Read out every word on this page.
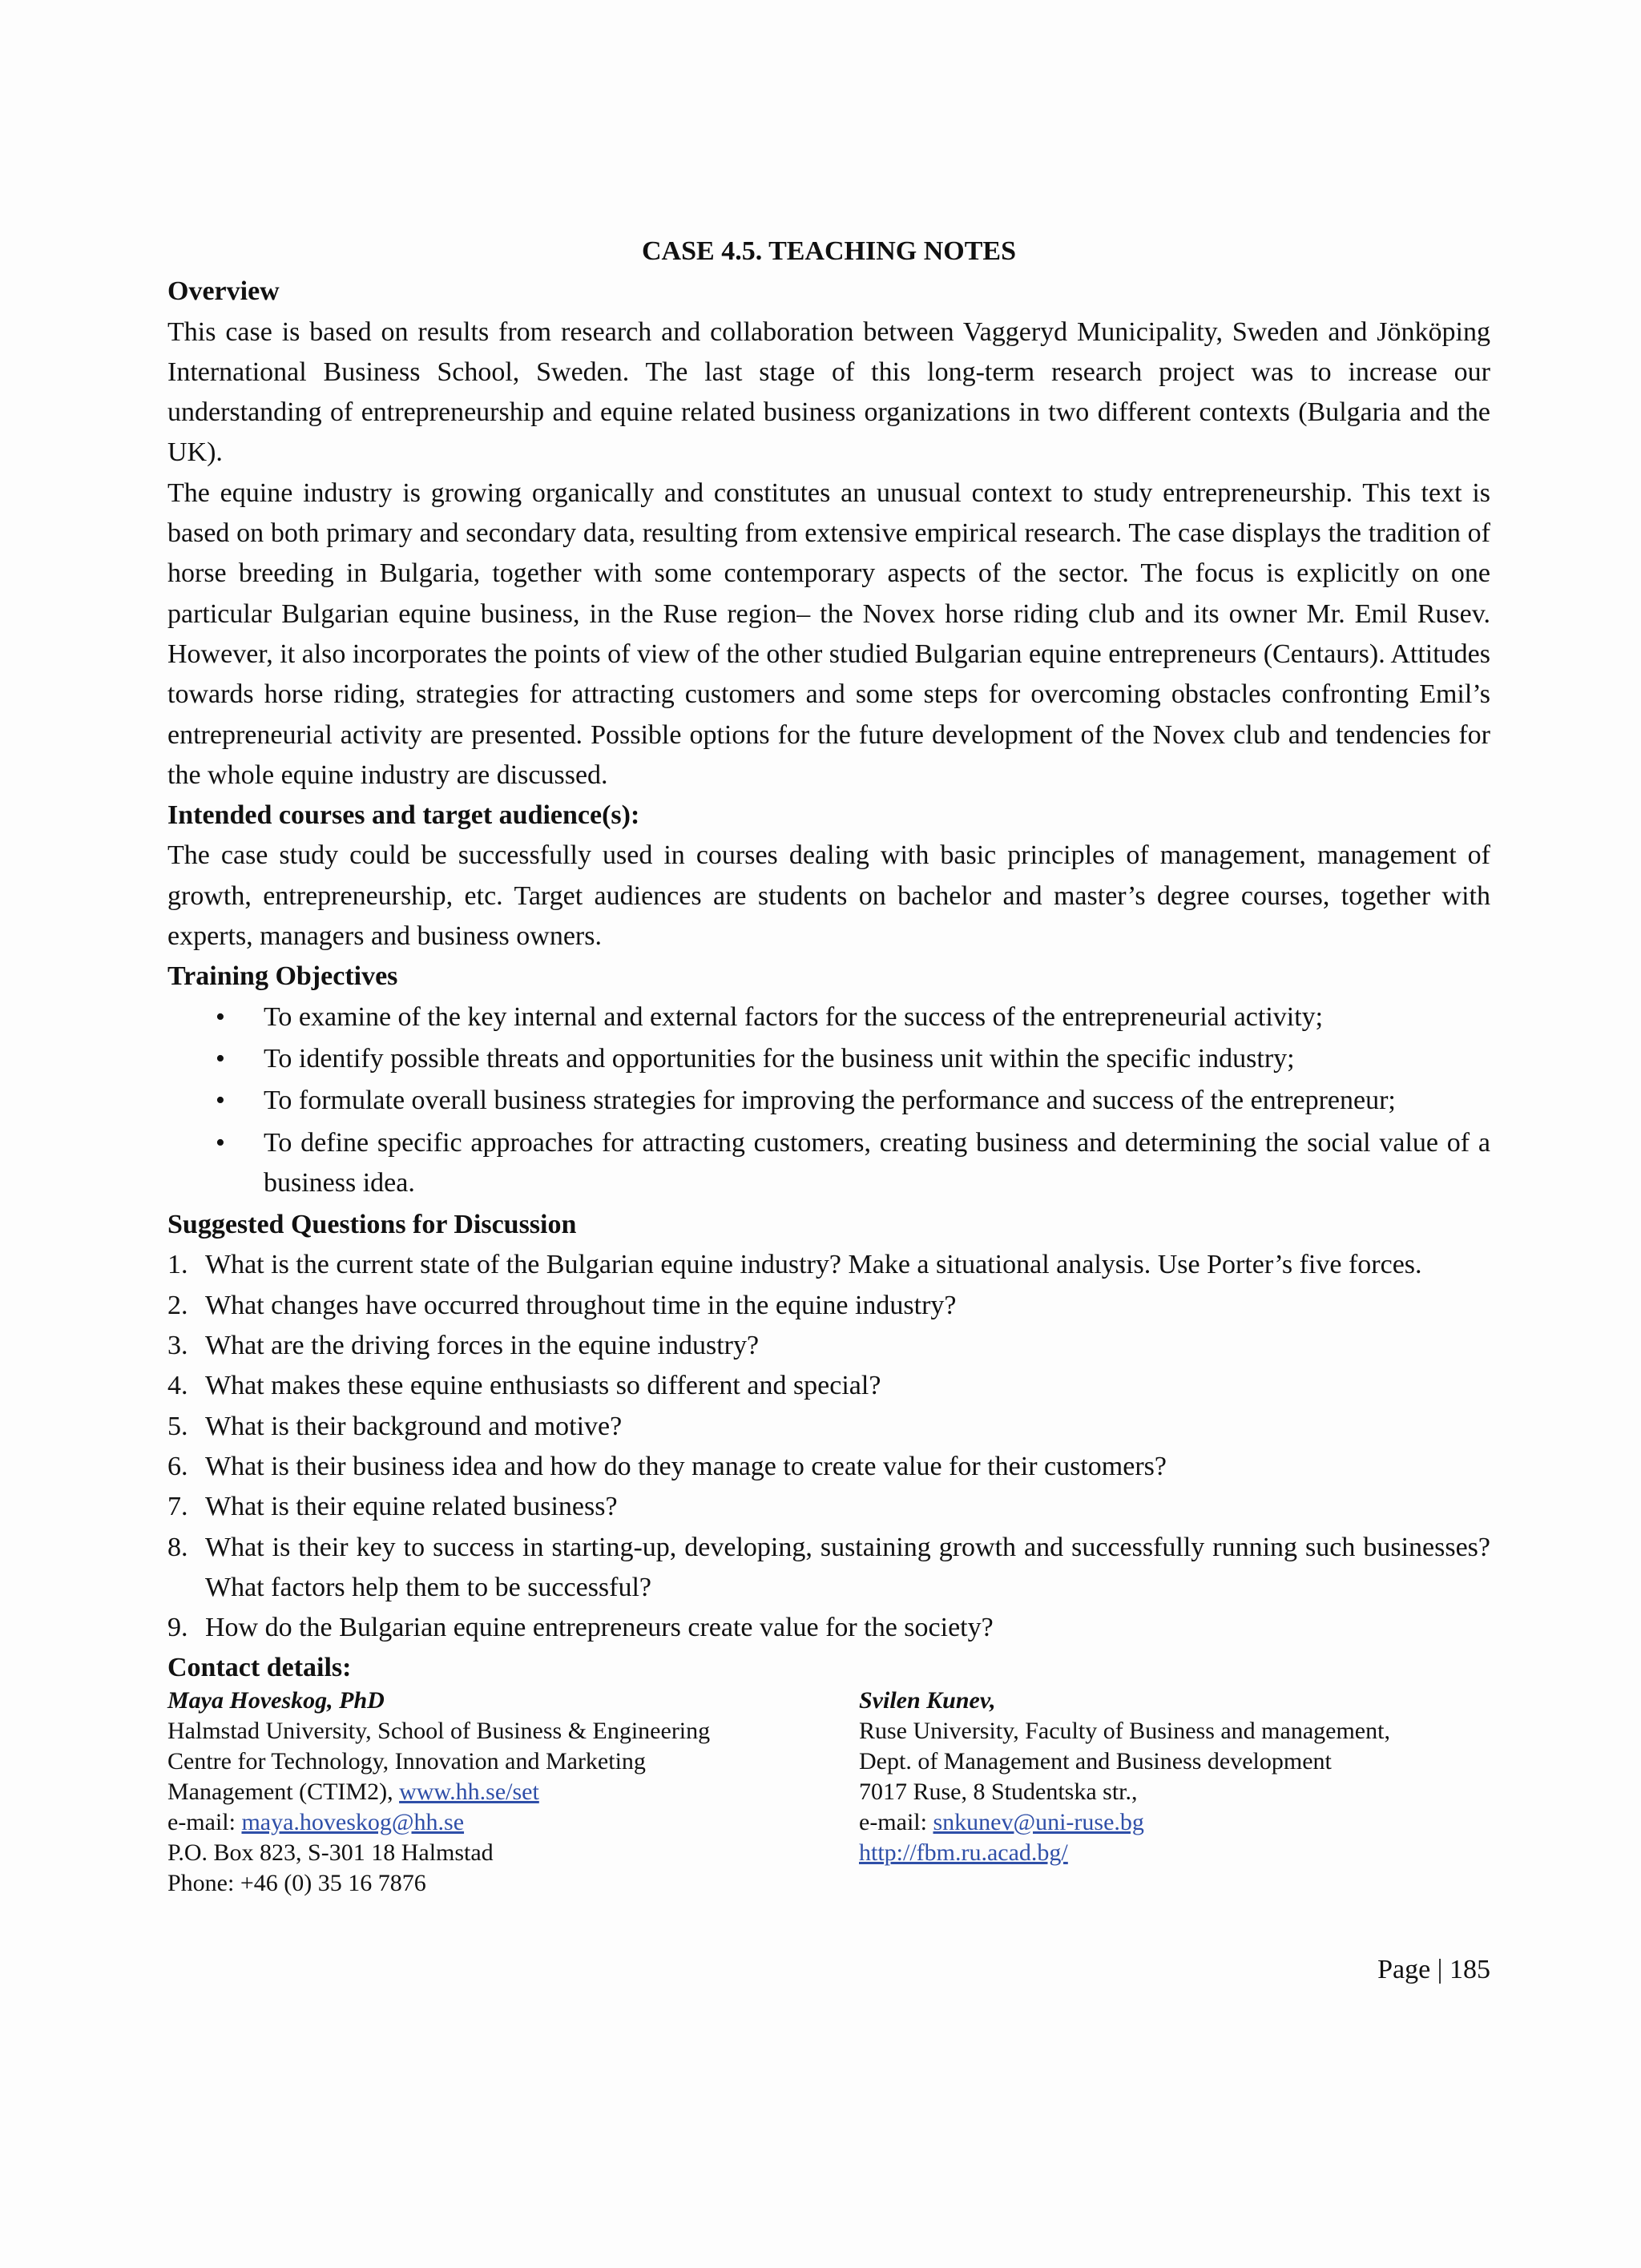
CASE 4.5. TEACHING NOTES
Overview

This case is based on results from research and collaboration between Vaggeryd Municipality, Sweden and Jönköping International Business School, Sweden. The last stage of this long-term research project was to increase our understanding of entrepreneurship and equine related business organizations in two different contexts (Bulgaria and the UK).

The equine industry is growing organically and constitutes an unusual context to study entrepreneurship. This text is based on both primary and secondary data, resulting from extensive empirical research. The case displays the tradition of horse breeding in Bulgaria, together with some contemporary aspects of the sector. The focus is explicitly on one particular Bulgarian equine business, in the Ruse region– the Novex horse riding club and its owner Mr. Emil Rusev. However, it also incorporates the points of view of the other studied Bulgarian equine entrepreneurs (Centaurs). Attitudes towards horse riding, strategies for attracting customers and some steps for overcoming obstacles confronting Emil’s entrepreneurial activity are presented. Possible options for the future development of the Novex club and tendencies for the whole equine industry are discussed.

Intended courses and target audience(s):

The case study could be successfully used in courses dealing with basic principles of management, management of growth, entrepreneurship, etc. Target audiences are students on bachelor and master’s degree courses, together with experts, managers and business owners.

Training Objectives
• To examine of the key internal and external factors for the success of the entrepreneurial activity;
• To identify possible threats and opportunities for the business unit within the specific industry;
• To formulate overall business strategies for improving the performance and success of the entrepreneur;
• To define specific approaches for attracting customers, creating business and determining the social value of a business idea.
Suggested Questions for Discussion
1. What is the current state of the Bulgarian equine industry? Make a situational analysis. Use Porter’s five forces.
2. What changes have occurred throughout time in the equine industry?
3. What are the driving forces in the equine industry?
4. What makes these equine enthusiasts so different and special?
5. What is their background and motive?
6. What is their business idea and how do they manage to create value for their customers?
7. What is their equine related business?
8. What is their key to success in starting-up, developing, sustaining growth and successfully running such businesses? What factors help them to be successful?
9. How do the Bulgarian equine entrepreneurs create value for the society?
Contact details:
Maya Hoveskog, PhD
Halmstad University, School of Business & Engineering
Centre for Technology, Innovation and Marketing
Management (CTIM2), www.hh.se/set
e-mail: maya.hoveskog@hh.se
P.O. Box 823, S-301 18 Halmstad
Phone: +46 (0) 35 16 7876
Svilen Kunev,
Ruse University, Faculty of Business and management,
Dept. of Management and Business development
7017 Ruse, 8 Studentska str.,
e-mail: snkunev@uni-ruse.bg
http://fbm.ru.acad.bg/
Page | 185
